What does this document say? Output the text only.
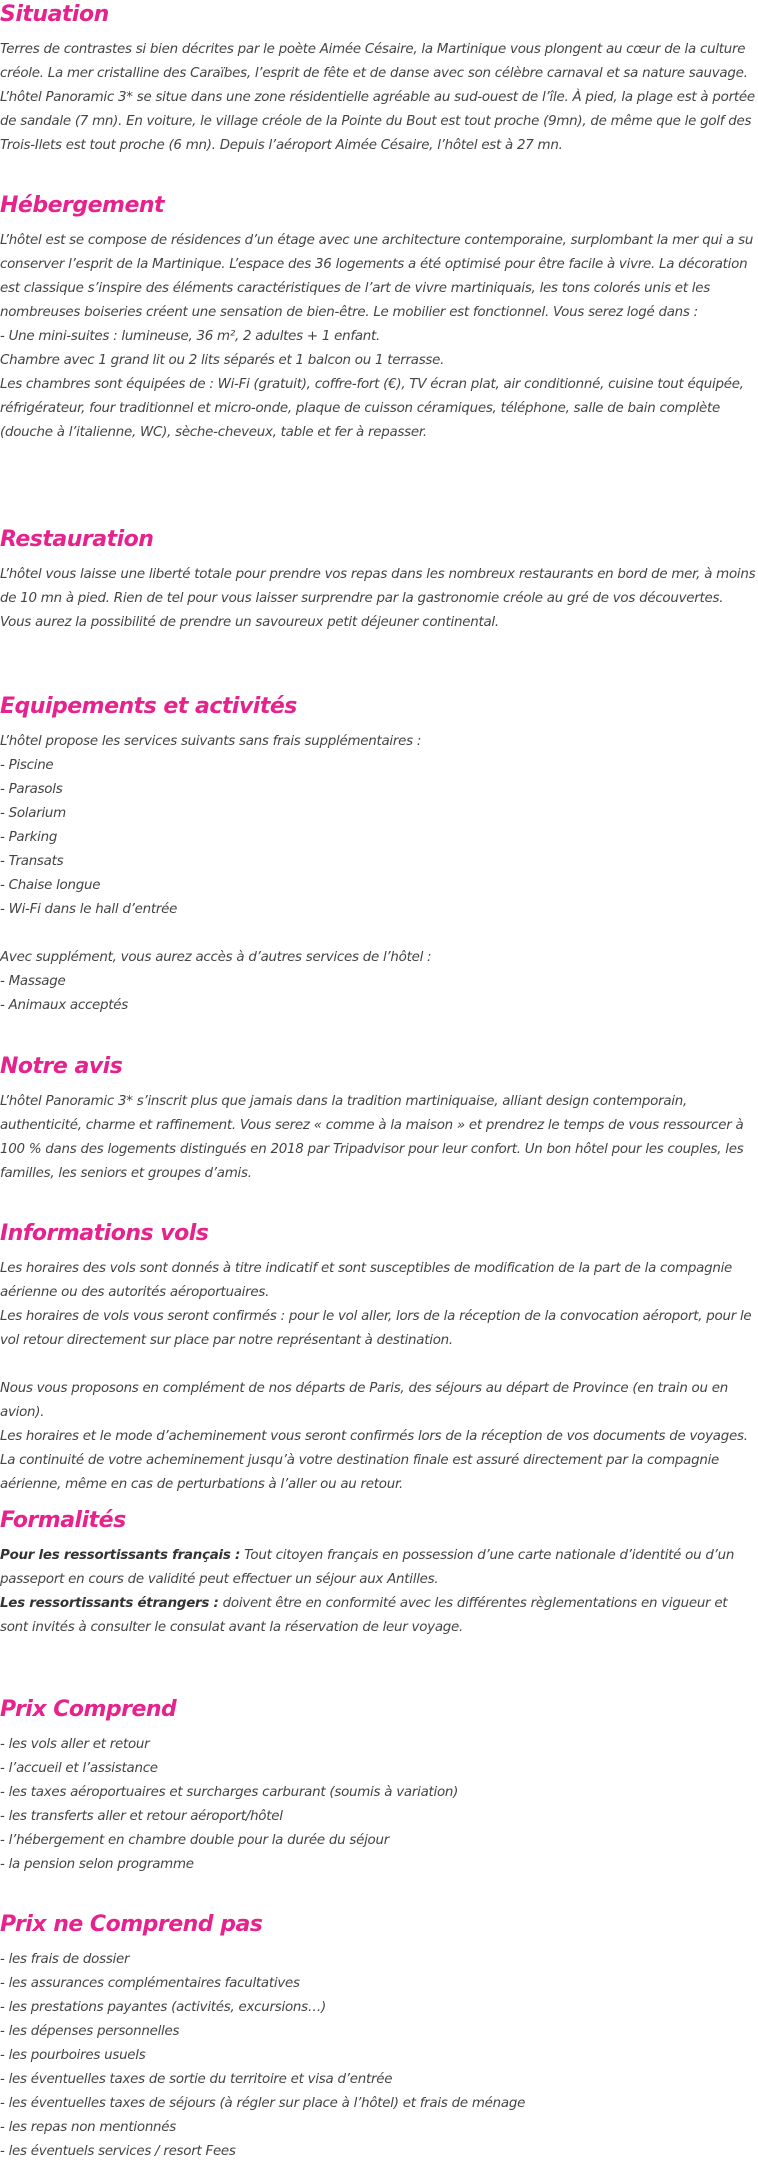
Situation

Terres de contrastes si bien décrites par le poète Aimée Césaire, la Martinique vous plongent au cœur de la culture créole. La mer cristalline des Caraïbes, l’esprit de fête et de danse avec son célèbre carnaval et sa nature sauvage. L’hôtel Panoramic 3* se situe dans une zone résidentielle agréable au sud-ouest de l’île. À pied, la plage est à portée de sandale (7 mn). En voiture, le village créole de la Pointe du Bout est tout proche (9mn), de même que le golf des Trois-Ilets est tout proche (6 mn). Depuis l’aéroport Aimée Césaire, l’hôtel est à 27 mn.

Hébergement

L’hôtel est se compose de résidences d’un étage avec une architecture contemporaine, surplombant la mer qui a su conserver l’esprit de la Martinique. L’espace des 36 logements a été optimisé pour être facile à vivre. La décoration est classique s’inspire des éléments caractéristiques de l’art de vivre martiniquais, les tons colorés unis et les nombreuses boiseries créent une sensation de bien-être. Le mobilier est fonctionnel. Vous serez logé dans :

- Une mini-suites : lumineuse, 36 m², 2 adultes + 1 enfant.
Chambre avec 1 grand lit ou 2 lits séparés et 1 balcon ou 1 terrasse.

Les chambres sont équipées de : Wi-Fi (gratuit), coffre-fort (€), TV écran plat, air conditionné, cuisine tout équipée, réfrigérateur, four traditionnel et micro-onde, plaque de cuisson céramiques, téléphone, salle de bain complète (douche à l’italienne, WC), sèche-cheveux, table et fer à repasser.

Restauration

L’hôtel vous laisse une liberté totale pour prendre vos repas dans les nombreux restaurants en bord de mer, à moins de 10 mn à pied. Rien de tel pour vous laisser surprendre par la gastronomie créole au gré de vos découvertes. Vous aurez la possibilité de prendre un savoureux petit déjeuner continental.

Equipements et activités
L’hôtel propose les services suivants sans frais supplémentaires :
- Piscine
- Parasols
- Solarium
- Parking
- Transats
- Chaise longue
- Wi-Fi dans le hall d’entrée
Avec supplément, vous aurez accès à d’autres services de l’hôtel :
- Massage
- Animaux acceptés
Notre avis

L’hôtel Panoramic 3* s’inscrit plus que jamais dans la tradition martiniquaise, alliant design contemporain, authenticité, charme et raffinement. Vous serez « comme à la maison » et prendrez le temps de vous ressourcer à 100 % dans des logements distingués en 2018 par Tripadvisor pour leur confort. Un bon hôtel pour les couples, les familles, les seniors et groupes d’amis.

Informations vols

Les horaires des vols sont donnés à titre indicatif et sont susceptibles de modification de la part de la compagnie aérienne ou des autorités aéroportuaires.

Les horaires de vols vous seront confirmés : pour le vol aller, lors de la réception de la convocation aéroport, pour le vol retour directement sur place par notre représentant à destination.

Nous vous proposons en complément de nos départs de Paris, des séjours au départ de Province (en train ou en avion).

Les horaires et le mode d’acheminement vous seront confirmés lors de la réception de vos documents de voyages.

La continuité de votre acheminement jusqu’à votre destination finale est assuré directement par la compagnie aérienne, même en cas de perturbations à l’aller ou au retour.

Formalités

Pour les ressortissants français : Tout citoyen français en possession d’une carte nationale d’identité ou d’un passeport en cours de validité peut effectuer un séjour aux Antilles.

Les ressortissants étrangers : doivent être en conformité avec les différentes règlementations en vigueur et sont invités à consulter le consulat avant la réservation de leur voyage.

Prix Comprend
- les vols aller et retour
- l’accueil et l’assistance
- les taxes aéroportuaires et surcharges carburant (soumis à variation)
- les transferts aller et retour aéroport/hôtel
- l’hébergement en chambre double pour la durée du séjour
- la pension selon programme
Prix ne Comprend pas
- les frais de dossier
- les assurances complémentaires facultatives
- les prestations payantes (activités, excursions…)
- les dépenses personnelles
- les pourboires usuels
- les éventuelles taxes de sortie du territoire et visa d’entrée
- les éventuelles taxes de séjours (à régler sur place à l’hôtel) et frais de ménage
- les repas non mentionnés
- les éventuels services / resort Fees
